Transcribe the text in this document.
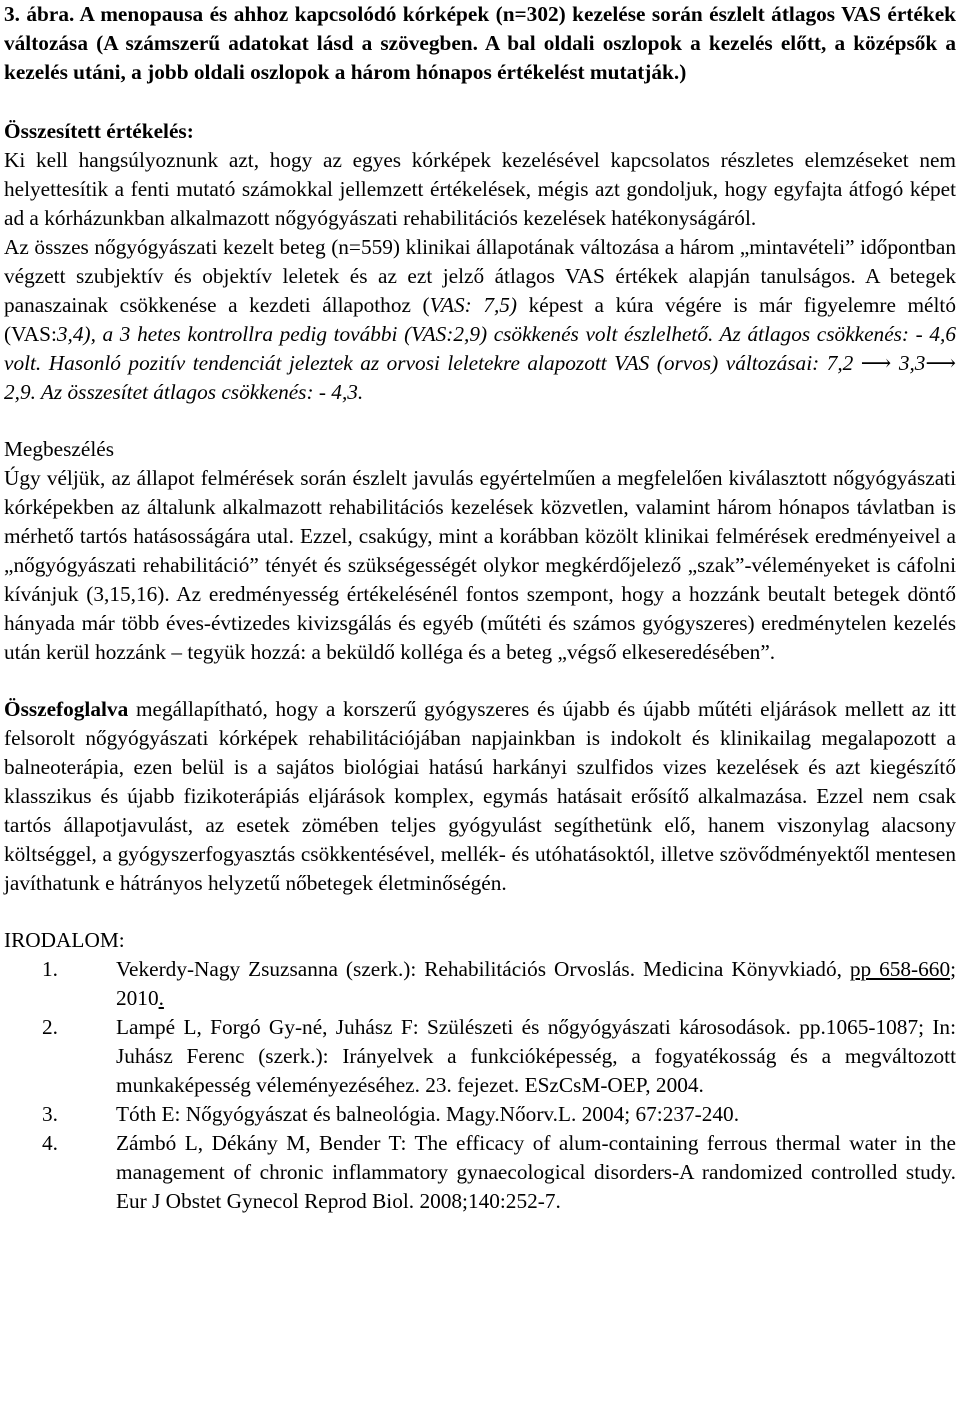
3. ábra. A menopausa és ahhoz kapcsolódó kórképek (n=302) kezelése során észlelt átlagos VAS értékek változása (A számszerű adatokat lásd a szövegben. A bal oldali oszlopok a kezelés előtt, a középsők a kezelés utáni, a jobb oldali oszlopok a három hónapos értékelést mutatják.)

Összesített értékelés:

Ki kell hangsúlyoznunk azt, hogy az egyes kórképek kezelésével kapcsolatos részletes elemzéseket nem helyettesítik a fenti mutató számokkal jellemzett értékelések, mégis azt gondoljuk, hogy egyfajta átfogó képet ad a kórházunkban alkalmazott nőgyógyászati rehabilitációs kezelések hatékonyságáról.

Az összes nőgyógyászati kezelt beteg (n=559) klinikai állapotának változása a három „mintavételi” időpontban végzett szubjektív és objektív leletek és az ezt jelző átlagos VAS értékek alapján tanulságos. A betegek panaszainak csökkenése a kezdeti állapothoz (VAS: 7,5) képest a kúra végére is már figyelemre méltó (VAS:3,4), a 3 hetes kontrollra pedig további (VAS:2,9) csökkenés volt észlelhető. Az átlagos csökkenés: - 4,6 volt. Hasonló pozitív tendenciát jeleztek az orvosi leletekre alapozott VAS (orvos) változásai: 7,2 ⟶ 3,3⟶ 2,9. Az összesítet átlagos csökkenés: - 4,3.

Megbeszélés

Úgy véljük, az állapot felmérések során észlelt javulás egyértelműen a megfelelően kiválasztott nőgyógyászati kórképekben az általunk alkalmazott rehabilitációs kezelések közvetlen, valamint három hónapos távlatban is mérhető tartós hatásosságára utal. Ezzel, csakúgy, mint a korábban közölt klinikai felmérések eredményeivel a „nőgyógyászati rehabilitáció” tényét és szükségességét olykor megkérdőjelező „szak”-véleményeket is cáfolni kívánjuk (3,15,16). Az eredményesség értékelésénél fontos szempont, hogy a hozzánk beutalt betegek döntő hányada már több éves-évtizedes kivizsgálás és egyéb (műtéti és számos gyógyszeres) eredménytelen kezelés után kerül hozzánk – tegyük hozzá: a beküldő kolléga és a beteg „végső elkeseredésében”.

Összefoglalva megállapítható, hogy a korszerű gyógyszeres és újabb és újabb műtéti eljárások mellett az itt felsorolt nőgyógyászati kórképek rehabilitációjában napjainkban is indokolt és klinikailag megalapozott a balneoterápia, ezen belül is a sajátos biológiai hatású harkányi szulfidos vizes kezelések és azt kiegészítő klasszikus és újabb fizikoterápiás eljárások komplex, egymás hatásait erősítő alkalmazása. Ezzel nem csak tartós állapotjavulást, az esetek zömében teljes gyógyulást segíthetünk elő, hanem viszonylag alacsony költséggel, a gyógyszerfogyasztás csökkentésével, mellék- és utóhatásoktól, illetve szövődményektől mentesen javíthatunk e hátrányos helyzetű nőbetegek életminőségén.

IRODALOM:

1.	Vekerdy-Nagy Zsuzsanna (szerk.): Rehabilitációs Orvoslás. Medicina Könyvkiadó, pp 658-660; 2010.
2.	Lampé L, Forgó Gy-né, Juhász F: Szülészeti és nőgyógyászati károsodások. pp.1065-1087; In: Juhász Ferenc (szerk.): Irányelvek a funkcióképesség, a fogyatékosság és a megváltozott munkaképesség véleményezéséhez. 23. fejezet. ESzCsM-OEP, 2004.
3.	Tóth E: Nőgyógyászat és balneológia. Magy.Nőorv.L. 2004; 67:237-240.
4.	Zámbó L, Dékány M, Bender T: The efficacy of alum-containing ferrous thermal water in the management of chronic inflammatory gynaecological disorders-A randomized controlled study. Eur J Obstet Gynecol Reprod Biol. 2008;140:252-7.
